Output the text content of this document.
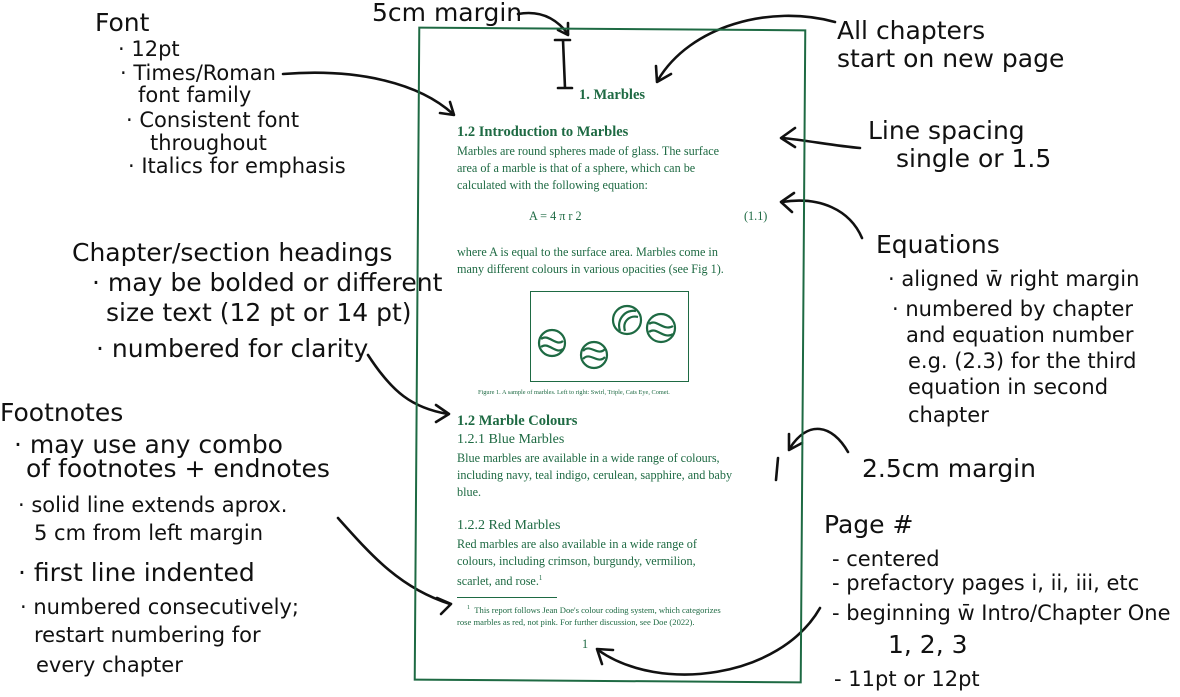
5cm margin
All chapters
start on new page
Font
· 12pt
· Times/Roman
font family
· Consistent font
throughout
· Italics for emphasis
Line spacing
single or 1.5
Chapter/section headings
· may be bolded or different
size text (12 pt or 14 pt)
· numbered for clarity
Equations
· aligned w̄ right margin
· numbered by chapter
and equation number
e.g. (2.3) for the third
equation in second
chapter
2.5cm margin
Footnotes
· may use any combo
of footnotes + endnotes
· solid line extends aprox.
5 cm from left margin
· first line indented
· numbered consecutively;
restart numbering for
every chapter
Page #
- centered
- prefactory pages i, ii, iii, etc
- beginning w̄ Intro/Chapter One
1, 2, 3
- 11pt or 12pt
1. Marbles
1.2 Introduction to Marbles
Marbles are round spheres made of glass. The surface
area of a marble is that of a sphere, which can be
calculated with the following equation:
A = 4 π r 2	(1.1)
where A is equal to the surface area. Marbles come in
many different colours in various opacities (see Fig 1).
Figure 1. A sample of marbles. Left to right: Swirl, Triple, Cats Eye, Comet.
1.2 Marble Colours
1.2.1 Blue Marbles
Blue marbles are available in a wide range of colours,
including navy, teal indigo, cerulean, sapphire, and baby
blue.
1.2.2 Red Marbles
Red marbles are also available in a wide range of
colours, including crimson, burgundy, vermilion,
scarlet, and rose.$^1$
$^1$ This report follows Jean Doe's colour coding system, which categorizes
rose marbles as red, not pink. For further discussion, see Doe (2022).
1
